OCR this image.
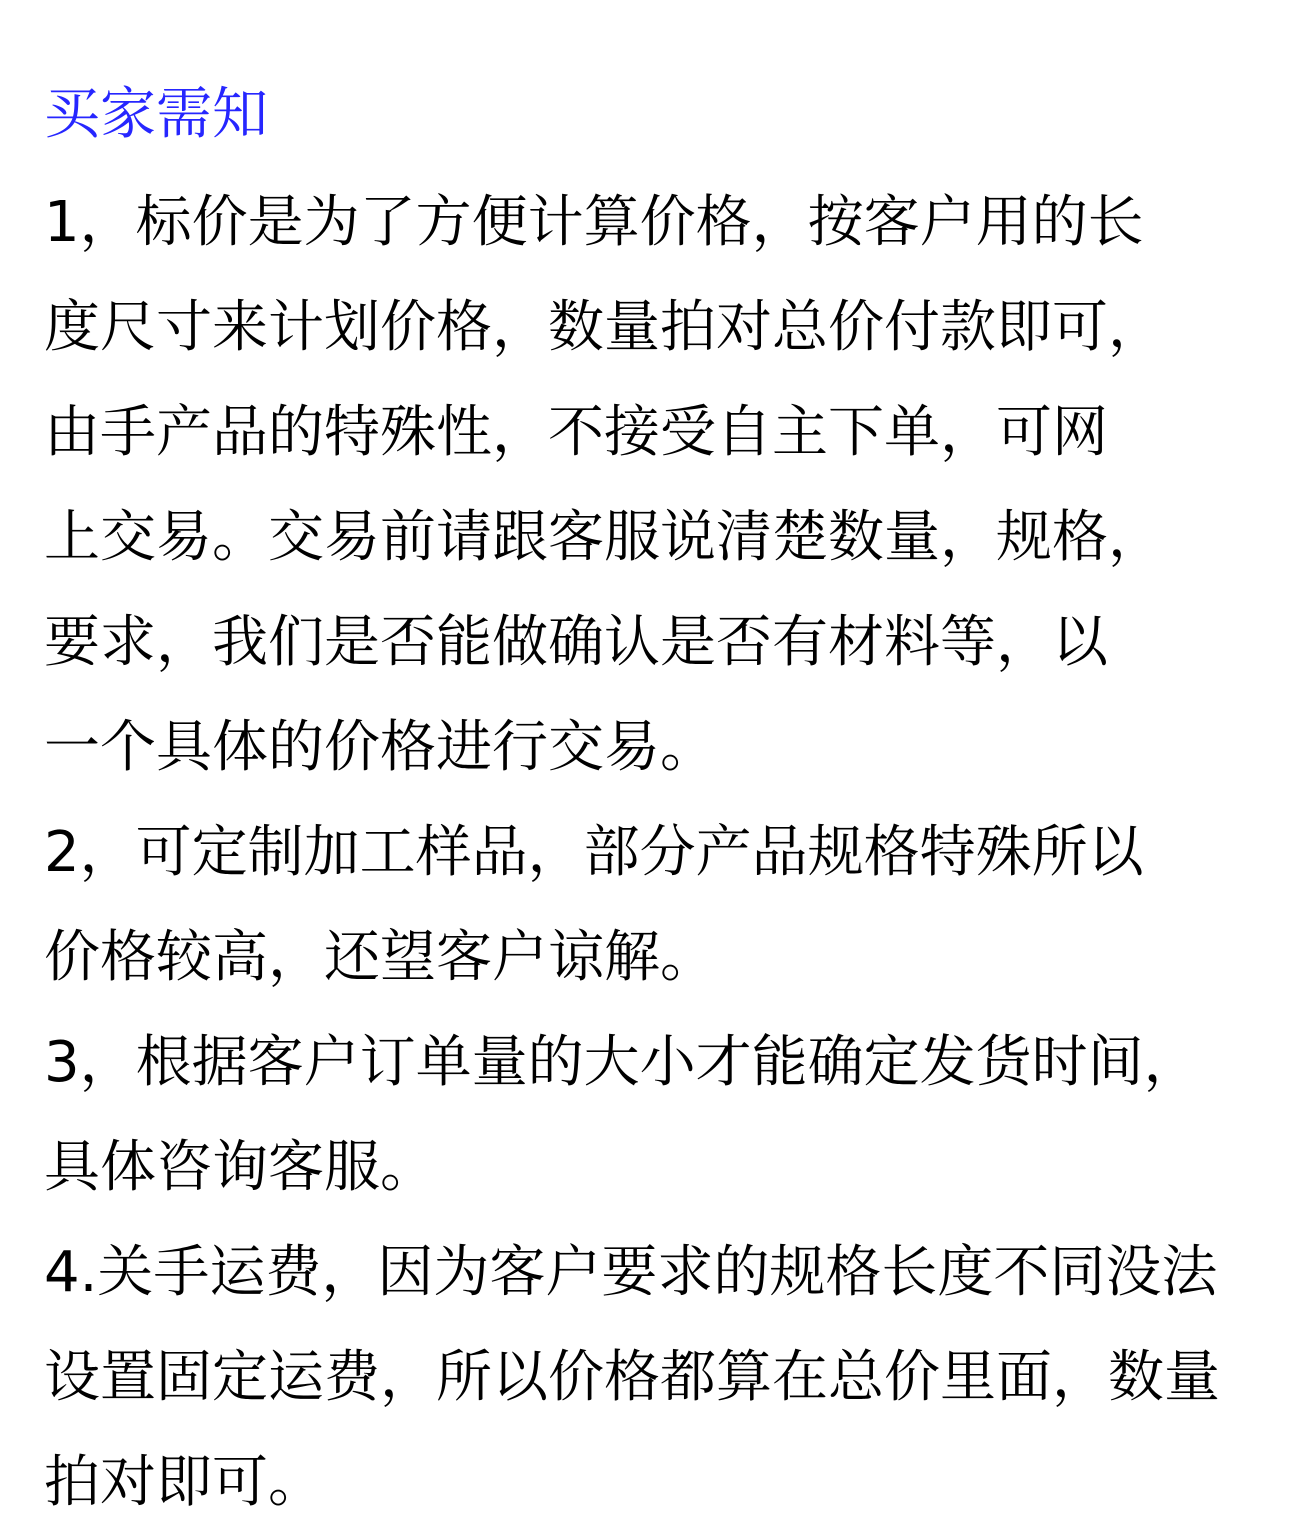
买家需知

1，标价是为了方便计算价格，按客户用的长

度尺寸来计划价格，数量拍对总价付款即可，

由手产品的特殊性，不接受自主下单，可网

上交易。交易前请跟客服说清楚数量，规格，

要求，我们是否能做确认是否有材料等，以

一个具体的价格进行交易。

2，可定制加工样品，部分产品规格特殊所以

价格较高，还望客户谅解。

3，根据客户订单量的大小才能确定发货时间，

具体咨询客服。

4.关手运费，因为客户要求的规格长度不同没法

设置固定运费，所以价格都算在总价里面，数量

拍对即可。
